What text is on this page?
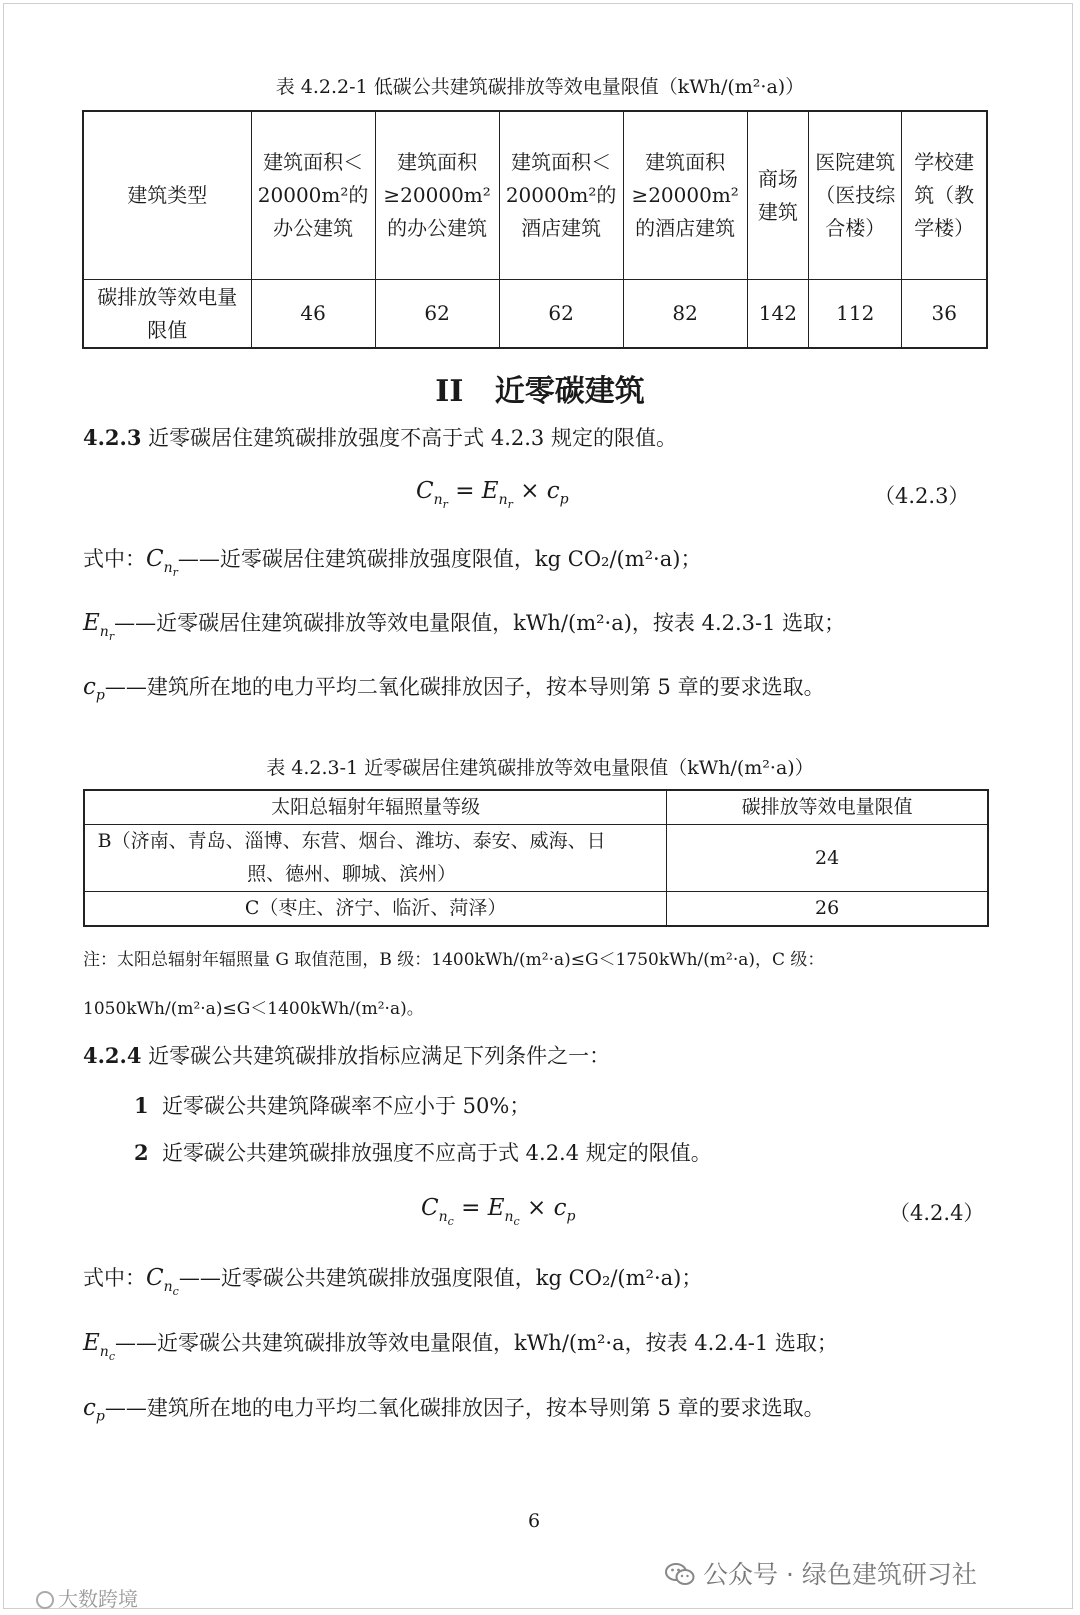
表 4.2.2-1 低碳公共建筑碳排放等效电量限值（kWh/(m²·a)）
建筑类型	建筑面积＜20000m²的办公建筑	建筑面积≥20000m²的办公建筑	建筑面积＜20000m²的酒店建筑	建筑面积≥20000m²的酒店建筑	商场建筑	医院建筑（医技综合楼）	学校建筑（教学楼）
碳排放等效电量限值	46	62	62	82	142	112	36
II 近零碳建筑
4.2.3 近零碳居住建筑碳排放强度不高于式 4.2.3 规定的限值。
$C_{n_r} = E_{n_r} \times c_p$	（4.2.3）
式中：$C_{n_r}——$近零碳居住建筑碳排放强度限值，kg CO₂/(m²·a)；
$E_{n_r}——$近零碳居住建筑碳排放等效电量限值，kWh/(m²·a)，按表 4.2.3-1 选取；
$c_p——$建筑所在地的电力平均二氧化碳排放因子，按本导则第 5 章的要求选取。
表 4.2.3-1 近零碳居住建筑碳排放等效电量限值（kWh/(m²·a)）
太阳总辐射年辐照量等级	碳排放等效电量限值
B（济南、青岛、淄博、东营、烟台、潍坊、泰安、威海、日照、德州、聊城、滨州）	24
C（枣庄、济宁、临沂、菏泽）	26
注：太阳总辐射年辐照量 G 取值范围，B 级：1400kWh/(m²·a)≤G＜1750kWh/(m²·a)，C 级：
1050kWh/(m²·a)≤G＜1400kWh/(m²·a)。
4.2.4 近零碳公共建筑碳排放指标应满足下列条件之一：
1 近零碳公共建筑降碳率不应小于 50%；
2 近零碳公共建筑碳排放强度不应高于式 4.2.4 规定的限值。
$C_{n_c} = E_{n_c} \times c_p$	（4.2.4）
式中：$C_{n_c}——$近零碳公共建筑碳排放强度限值，kg CO₂/(m²·a)；
$E_{n_c}——$近零碳公共建筑碳排放等效电量限值，kWh/(m²·a，按表 4.2.4-1 选取；
$c_p——$建筑所在地的电力平均二氧化碳排放因子，按本导则第 5 章的要求选取。
6
公众号 · 绿色建筑研习社
大数跨境
